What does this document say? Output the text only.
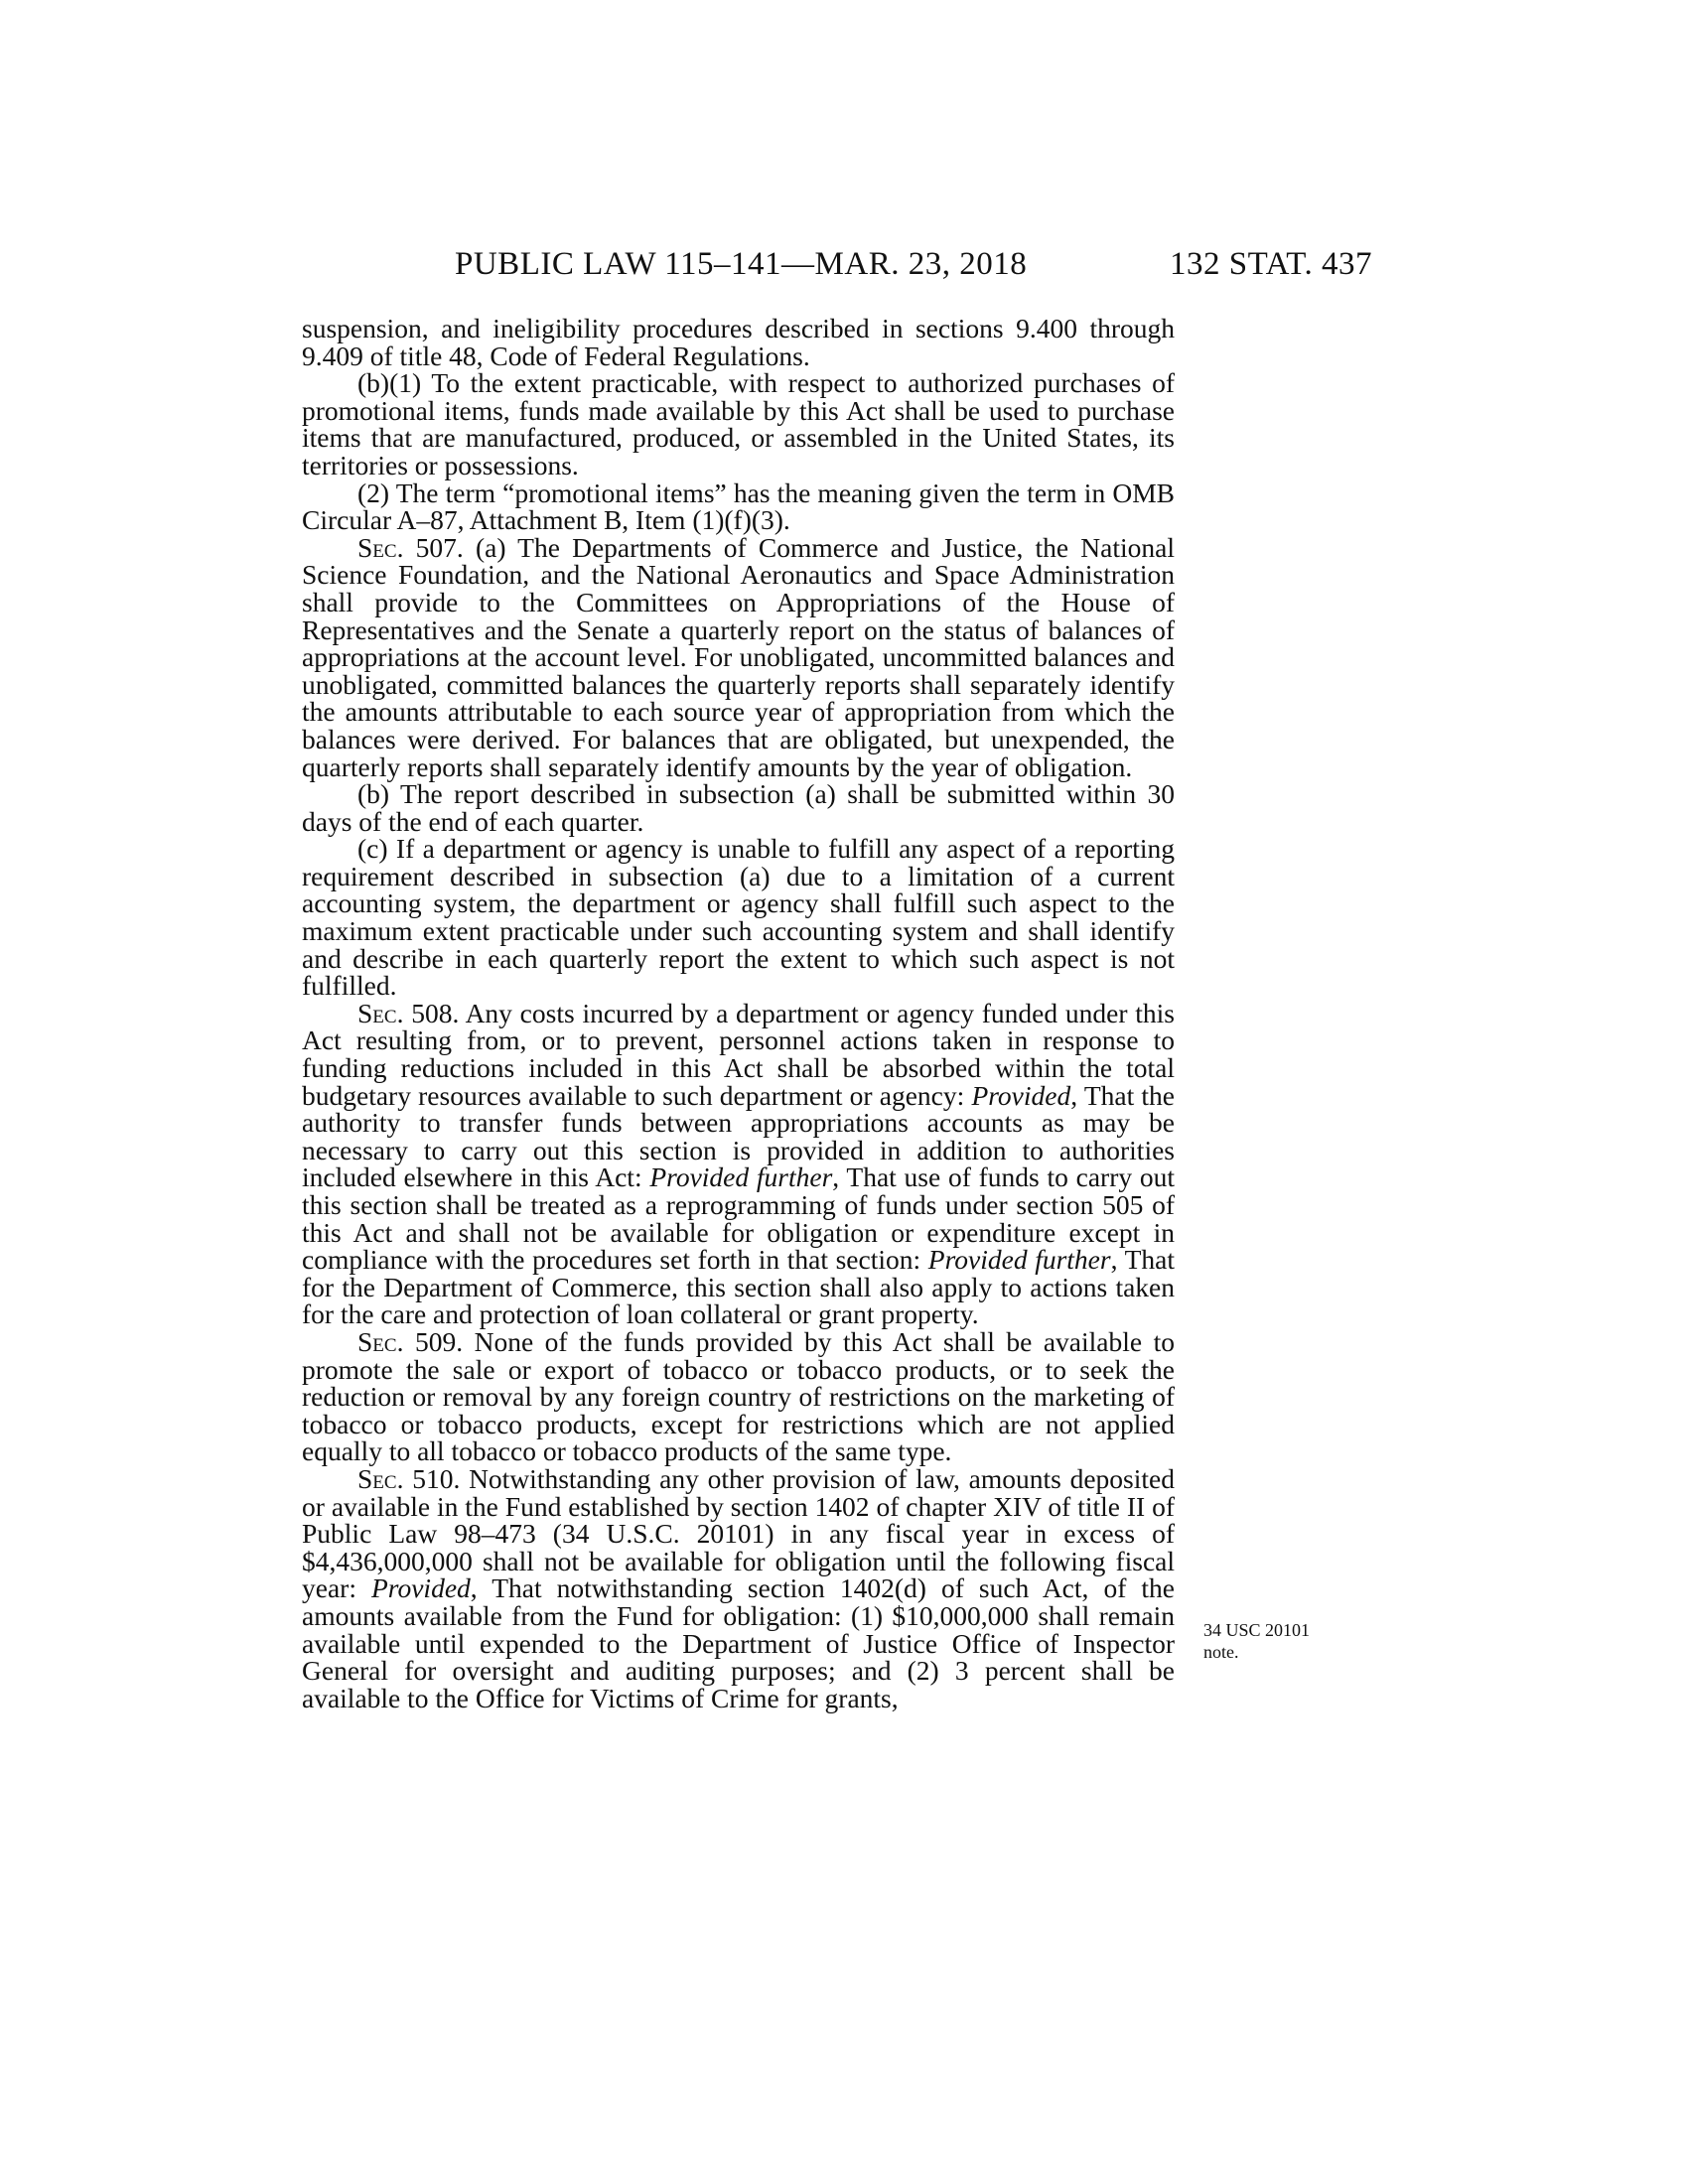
PUBLIC LAW 115–141—MAR. 23, 2018	132 STAT. 437
34 USC 20101
note.

suspension, and ineligibility procedures described in sections 9.400 through 9.409 of title 48, Code of Federal Regulations.

(b)(1) To the extent practicable, with respect to authorized purchases of promotional items, funds made available by this Act shall be used to purchase items that are manufactured, produced, or assembled in the United States, its territories or possessions.

(2) The term “promotional items” has the meaning given the term in OMB Circular A–87, Attachment B, Item (1)(f)(3).

Sec. 507. (a) The Departments of Commerce and Justice, the National Science Foundation, and the National Aeronautics and Space Administration shall provide to the Committees on Appropriations of the House of Representatives and the Senate a quarterly report on the status of balances of appropriations at the account level. For unobligated, uncommitted balances and unobligated, committed balances the quarterly reports shall separately identify the amounts attributable to each source year of appropriation from which the balances were derived. For balances that are obligated, but unexpended, the quarterly reports shall separately identify amounts by the year of obligation.

(b) The report described in subsection (a) shall be submitted within 30 days of the end of each quarter.

(c) If a department or agency is unable to fulfill any aspect of a reporting requirement described in subsection (a) due to a limitation of a current accounting system, the department or agency shall fulfill such aspect to the maximum extent practicable under such accounting system and shall identify and describe in each quarterly report the extent to which such aspect is not fulfilled.

Sec. 508. Any costs incurred by a department or agency funded under this Act resulting from, or to prevent, personnel actions taken in response to funding reductions included in this Act shall be absorbed within the total budgetary resources available to such department or agency: Provided, That the authority to transfer funds between appropriations accounts as may be necessary to carry out this section is provided in addition to authorities included elsewhere in this Act: Provided further, That use of funds to carry out this section shall be treated as a reprogramming of funds under section 505 of this Act and shall not be available for obligation or expenditure except in compliance with the procedures set forth in that section: Provided further, That for the Department of Commerce, this section shall also apply to actions taken for the care and protection of loan collateral or grant property.

Sec. 509. None of the funds provided by this Act shall be available to promote the sale or export of tobacco or tobacco products, or to seek the reduction or removal by any foreign country of restrictions on the marketing of tobacco or tobacco products, except for restrictions which are not applied equally to all tobacco or tobacco products of the same type.

Sec. 510. Notwithstanding any other provision of law, amounts deposited or available in the Fund established by section 1402 of chapter XIV of title II of Public Law 98–473 (34 U.S.C. 20101) in any fiscal year in excess of $4,436,000,000 shall not be available for obligation until the following fiscal year: Provided, That notwithstanding section 1402(d) of such Act, of the amounts available from the Fund for obligation: (1) $10,000,000 shall remain available until expended to the Department of Justice Office of Inspector General for oversight and auditing purposes; and (2) 3 percent shall be available to the Office for Victims of Crime for grants,
